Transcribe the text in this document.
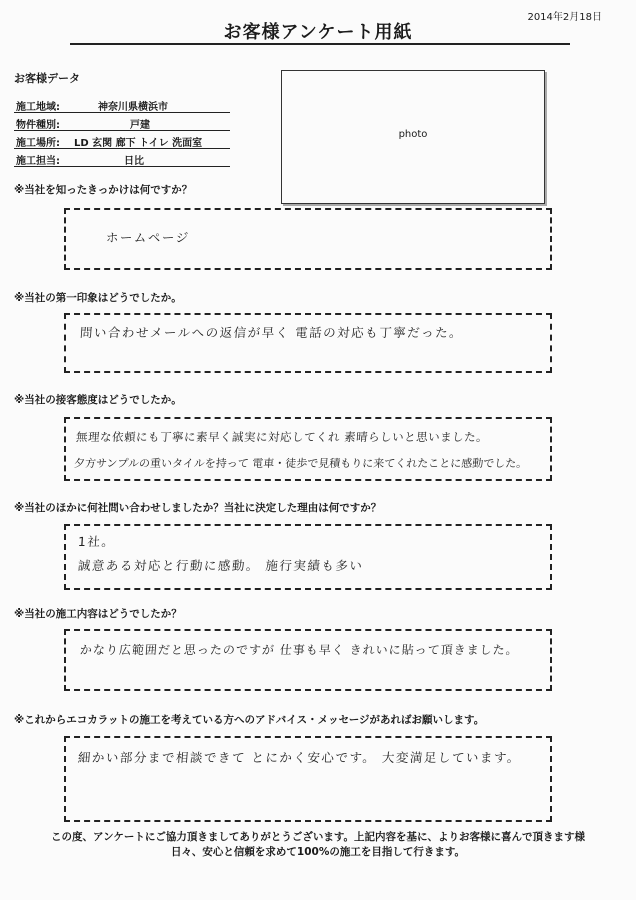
2014年2月18日
お客様アンケート用紙
お客様データ
施工地域:	神奈川県横浜市
物件種別:	戸建
施工場所: LD 玄関 廊下 トイレ 洗面室
施工担当:	日比
photo
※当社を知ったきっかけは何ですか？
ホームページ
※当社の第一印象はどうでしたか。
問い合わせメールへの返信が早く 電話の対応も丁寧だった。
※当社の接客態度はどうでしたか。
無理な依頼にも丁寧に素早く誠実に対応してくれ 素晴らしいと思いました。
夕方サンプルの重いタイルを持って 電車・徒歩で見積もりに来てくれたことに感動でした。
※当社のほかに何社問い合わせしましたか？当社に決定した理由は何ですか？
1社。
誠意ある対応と行動に感動。 施行実績も多い
※当社の施工内容はどうでしたか？
かなり広範囲だと思ったのですが 仕事も早く きれいに貼って頂きました。
※これからエコカラットの施工を考えている方へのアドバイス・メッセージがあればお願いします。
細かい部分まで相談できて とにかく安心です。 大変満足しています。
この度、アンケートにご協力頂きましてありがとうございます。上記内容を基に、よりお客様に喜んで頂きます様
日々、安心と信頼を求めて100%の施工を目指して行きます。
